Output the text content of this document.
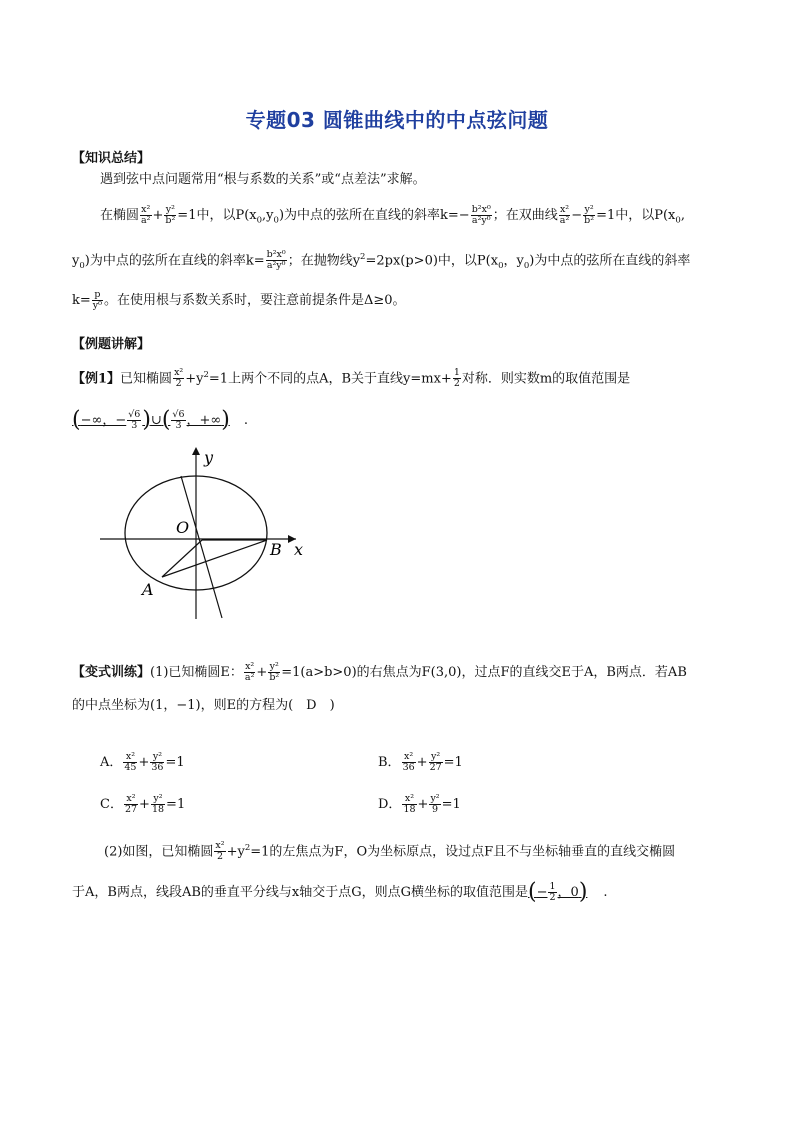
专题03 圆锥曲线中的中点弦问题
【知识总结】
遇到弦中点问题常用“根与系数的关系”或“点差法”求解。
在椭圆 $\frac{\text{x²}}{\text{a²}} + \frac{\text{y²}}{\text{b²}} =1$中，以$P(x_0,y_0)$为中点的弦所在直线的斜率$k=- \frac{\text{b²x⁰}}{\text{a²y⁰}}$ ；在双曲线 $\frac{\text{x²}}{\text{a²}} - \frac{\text{y²}}{\text{b²}} =1$中，以$P(x_0$,
$y_0$)为中点的弦所在直线的斜率$k= \frac{\text{b²x⁰}}{\text{a²y⁰}}$ ；在抛物线$y^2=2px(p>0)$中，以$P(x_0$，$y_0$)为中点的弦所在直线的斜率
$k= \frac{p}{\text{y⁰}}$ 。在使用根与系数关系时，要注意前提条件是Δ≥0。
【例题讲解】
【例1】已知椭圆 $\frac{\text{x²}}{2} +y^2=1$上两个不同的点A，B关于直线$y=mx+ \frac{1}{2}$ 对称．则实数m的取值范围是
(−∞，− $\frac{√6}{3}$ )∪( $\frac{√6}{3}$ ，+∞) .
y
x
O
B
A
【变式训练】(1)已知椭圆E： $\frac{\text{x²}}{\text{a²}} + \frac{\text{y²}}{\text{b²}} =1(a>b>0)$的右焦点为F(3,0)，过点F的直线交E于A，B两点．若AB
的中点坐标为(1，−1)，则E的方程为(　D　)
A． $\frac{\text{x²}}{45} + \frac{\text{y²}}{36} =1$	B． $\frac{\text{x²}}{36} + \frac{\text{y²}}{27} =1$
C． $\frac{\text{x²}}{27} + \frac{\text{y²}}{18} =1$	D． $\frac{\text{x²}}{18} + \frac{\text{y²}}{9} =1$
(2)如图，已知椭圆 $\frac{\text{x²}}{2} +y^2=1$的左焦点为F，O为坐标原点，设过点F且不与坐标轴垂直的直线交椭圆
于A，B两点，线段AB的垂直平分线与x轴交于点G，则点G横坐标的取值范围是(− $\frac{1}{2}$ ，0) .
